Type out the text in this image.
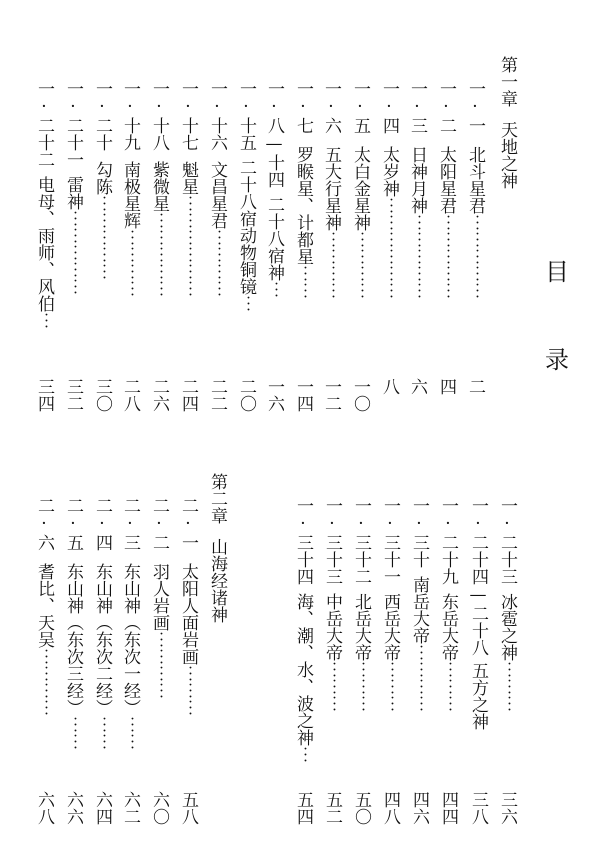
目
录
第一章天地之神
一·一北斗星君⋯⋯⋯⋯⋯
二
一·二太阳星君⋯⋯⋯⋯⋯
四
一·三日神月神⋯⋯⋯⋯⋯
六
一·四太岁神⋯⋯⋯⋯⋯⋯
八
一·五太白金星神⋯⋯⋯⋯
一〇
一·六五大行星神⋯⋯⋯⋯
一二
一·七罗睺星、计都星⋯⋯
一四
一·八—十四二十八宿神⋯
一六
一·十五二十八宿动物铜镜⋯
二〇
一·十六文昌星君⋯⋯⋯⋯
二二
一·十七魁星⋯⋯⋯⋯⋯⋯
二四
一·十八紫微星⋯⋯⋯⋯⋯
二六
一·十九南极星辉⋯⋯⋯⋯
二八
一·二十勾陈⋯⋯⋯⋯⋯
三〇
一·二十一雷神⋯⋯⋯⋯⋯
三二
一·二十二电母、雨师、风伯⋯
三四
一·二十三冰雹之神⋯⋯⋯
三六
一·二十四—二十八五方之神
三八
一·二十九东岳大帝⋯⋯⋯
四四
一·三十南岳大帝⋯⋯⋯⋯
四六
一·三十一西岳大帝⋯⋯⋯
四八
一·三十二北岳大帝⋯⋯⋯
五〇
一·三十三中岳大帝⋯⋯⋯
五二
一·三十四海、潮、水、波之神⋯
五四
第二章山海经诸神
二·一太阳人面岩画⋯⋯⋯
五八
二·二羽人岩画⋯⋯⋯⋯
六〇
二·三东山神（东次一经）⋯⋯
六二
二·四东山神（东次二经）⋯⋯
六四
二·五东山神（东次三经）⋯⋯
六六
二·六耆比、天吴⋯⋯⋯⋯
六八
